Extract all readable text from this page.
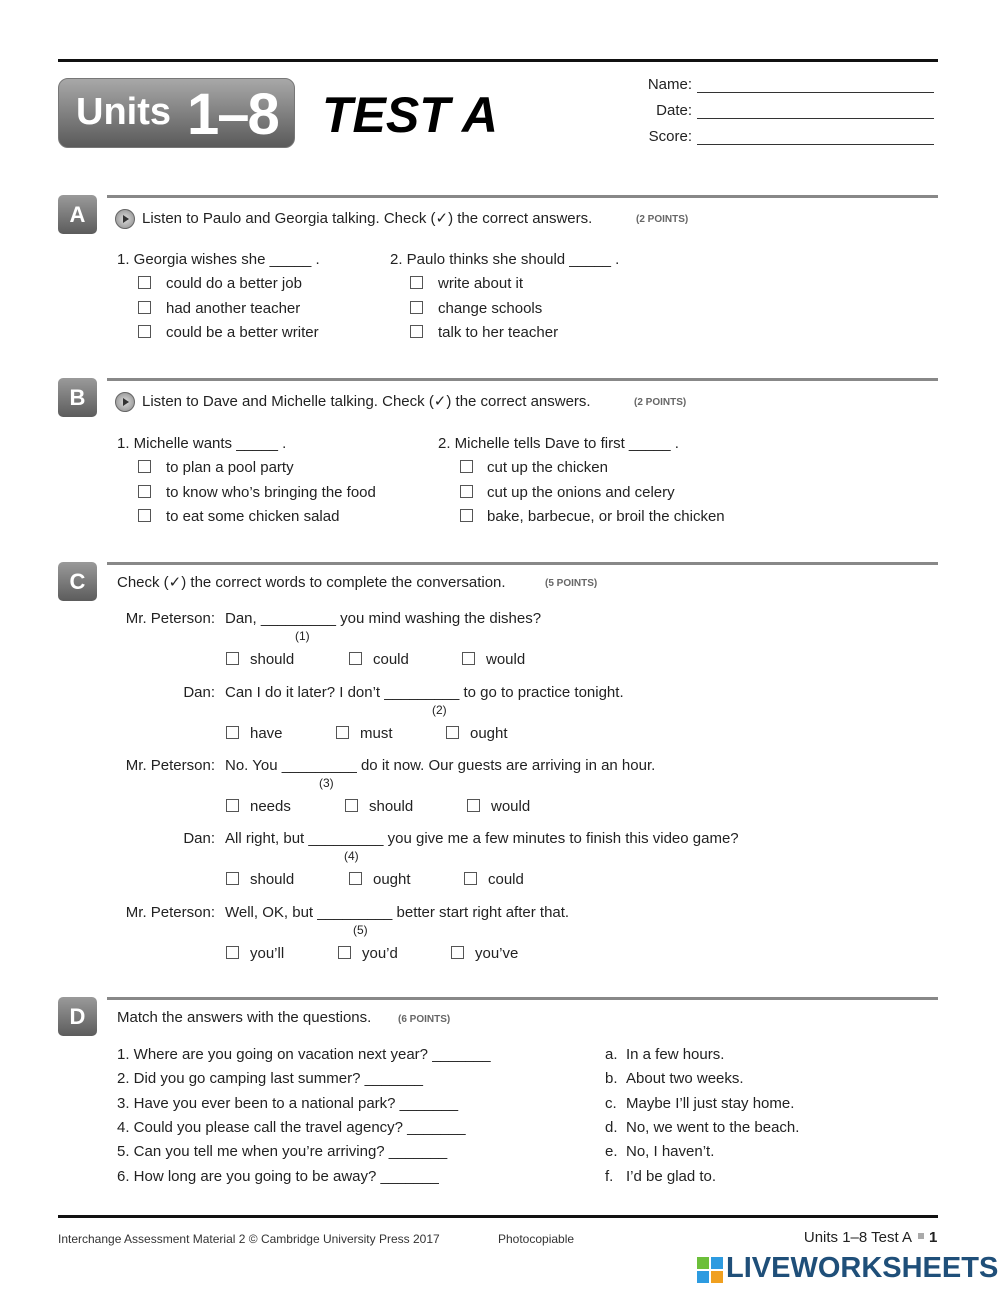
Units 1–8 TEST A
Name:
Date:
Score:
A	Listen to Paulo and Georgia talking. Check (✓) the correct answers.	(2 POINTS)
1. Georgia wishes she _____ .
could do a better job
had another teacher
could be a better writer
2. Paulo thinks she should _____ .
write about it
change schools
talk to her teacher
B	Listen to Dave and Michelle talking. Check (✓) the correct answers.	(2 POINTS)
1. Michelle wants _____ .
to plan a pool party
to know who’s bringing the food
to eat some chicken salad
2. Michelle tells Dave to first _____ .
cut up the chicken
cut up the onions and celery
bake, barbecue, or broil the chicken
C	Check (✓) the correct words to complete the conversation.	(5 POINTS)
Mr. Peterson: Dan, _________ you mind washing the dishes?
(1)
should	could	would
Dan: Can I do it later? I don’t _________ to go to practice tonight.
(2)
have	must	ought
Mr. Peterson: No. You _________ do it now. Our guests are arriving in an hour.
(3)
needs	should	would
Dan: All right, but _________ you give me a few minutes to finish this video game?
(4)
should	ought	could
Mr. Peterson: Well, OK, but _________ better start right after that.
(5)
you’ll	you’d	you’ve
D	Match the answers with the questions.	(6 POINTS)
1. Where are you going on vacation next year? _______	a. In a few hours.
2. Did you go camping last summer? _______	b. About two weeks.
3. Have you ever been to a national park? _______	c. Maybe I’ll just stay home.
4. Could you please call the travel agency? _______	d. No, we went to the beach.
5. Can you tell me when you’re arriving? _______	e. No, I haven’t.
6. How long are you going to be away? _______	f. I’d be glad to.
Interchange Assessment Material 2 © Cambridge University Press 2017	Photocopiable	Units 1–8 Test A 1
LIVEWORKSHEETS
